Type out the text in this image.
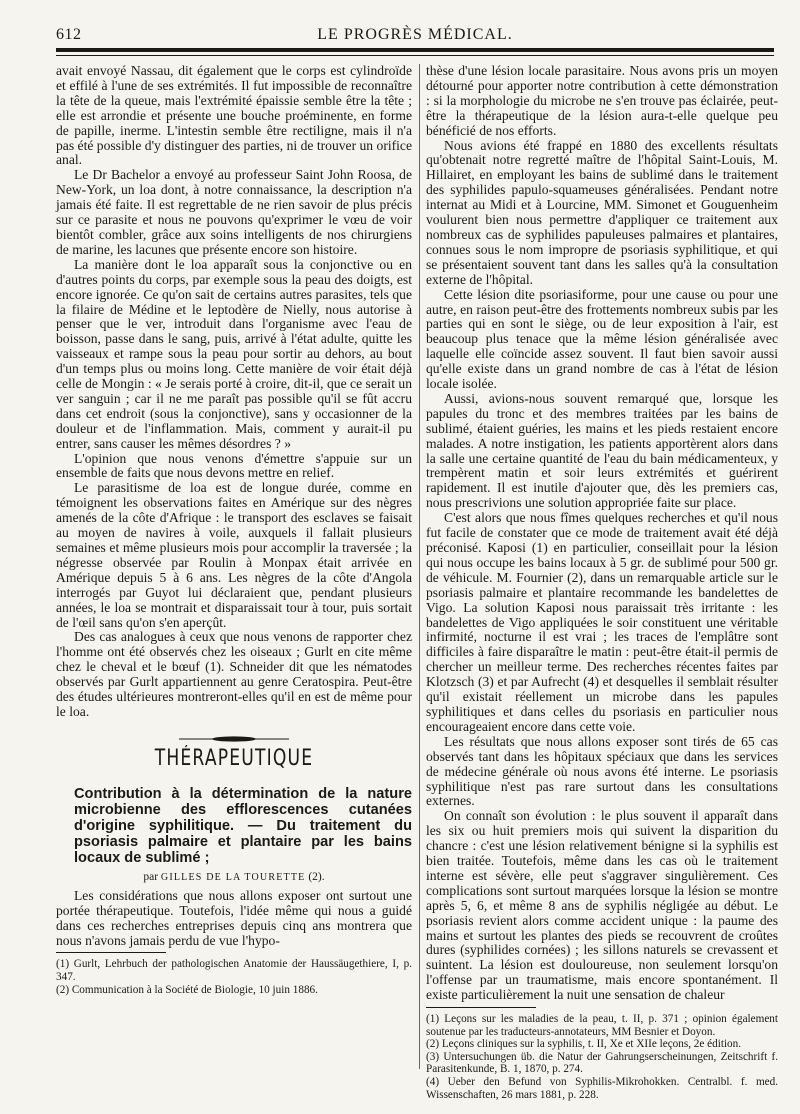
612	LE PROGRÈS MÉDICAL.

avait envoyé Nassau, dit également que le corps est cylindroïde et effilé à l'une de ses extrémités. Il fut impossible de reconnaître la tête de la queue, mais l'extrémité épaissie semble être la tête ; elle est arrondie et présente une bouche proéminente, en forme de papille, inerme. L'intestin semble être rectiligne, mais il n'a pas été possible d'y distinguer des parties, ni de trouver un orifice anal.

Le Dr Bachelor a envoyé au professeur Saint John Roosa, de New-York, un loa dont, à notre connaissance, la description n'a jamais été faite. Il est regrettable de ne rien savoir de plus précis sur ce parasite et nous ne pouvons qu'exprimer le vœu de voir bientôt combler, grâce aux soins intelligents de nos chirurgiens de marine, les lacunes que présente encore son histoire.

La manière dont le loa apparaît sous la conjonctive ou en d'autres points du corps, par exemple sous la peau des doigts, est encore ignorée. Ce qu'on sait de certains autres parasites, tels que la filaire de Médine et le leptodère de Nielly, nous autorise à penser que le ver, introduit dans l'organisme avec l'eau de boisson, passe dans le sang, puis, arrivé à l'état adulte, quitte les vaisseaux et rampe sous la peau pour sortir au dehors, au bout d'un temps plus ou moins long. Cette manière de voir était déjà celle de Mongin : « Je serais porté à croire, dit-il, que ce serait un ver sanguin ; car il ne me paraît pas possible qu'il se fût accru dans cet endroit (sous la conjonctive), sans y occasionner de la douleur et de l'inflammation. Mais, comment y aurait-il pu entrer, sans causer les mêmes désordres ? »

L'opinion que nous venons d'émettre s'appuie sur un ensemble de faits que nous devons mettre en relief.

Le parasitisme de loa est de longue durée, comme en témoignent les observations faites en Amérique sur des nègres amenés de la côte d'Afrique : le transport des esclaves se faisait au moyen de navires à voile, auxquels il fallait plusieurs semaines et même plusieurs mois pour accomplir la traversée ; la négresse observée par Roulin à Monpax était arrivée en Amérique depuis 5 à 6 ans. Les nègres de la côte d'Angola interrogés par Guyot lui déclaraient que, pendant plusieurs années, le loa se montrait et disparaissait tour à tour, puis sortait de l'œil sans qu'on s'en aperçût.

Des cas analogues à ceux que nous venons de rapporter chez l'homme ont été observés chez les oiseaux ; Gurlt en cite même chez le cheval et le bœuf (1). Schneider dit que les nématodes observés par Gurlt appartiennent au genre Ceratospira. Peut-être des études ultérieures montreront-elles qu'il en est de même pour le loa.

THÉRAPEUTIQUE
Contribution à la détermination de la nature microbienne des efflorescences cutanées d'origine syphilitique. — Du traitement du psoriasis palmaire et plantaire par les bains locaux de sublimé ;
par GILLES DE LA TOURETTE (2).

Les considérations que nous allons exposer ont surtout une portée thérapeutique. Toutefois, l'idée même qui nous a guidé dans ces recherches entreprises depuis cinq ans montrera que nous n'avons jamais perdu de vue l'hypo-

(1) Gurlt, Lehrbuch der pathologischen Anatomie der Haussäugethiere, I, p. 347.

(2) Communication à la Société de Biologie, 10 juin 1886.

thèse d'une lésion locale parasitaire. Nous avons pris un moyen détourné pour apporter notre contribution à cette démonstration : si la morphologie du microbe ne s'en trouve pas éclairée, peut-être la thérapeutique de la lésion aura-t-elle quelque peu bénéficié de nos efforts.

Nous avions été frappé en 1880 des excellents résultats qu'obtenait notre regretté maître de l'hôpital Saint-Louis, M. Hillairet, en employant les bains de sublimé dans le traitement des syphilides papulo-squameuses généralisées. Pendant notre internat au Midi et à Lourcine, MM. Simonet et Gouguenheim voulurent bien nous permettre d'appliquer ce traitement aux nombreux cas de syphilides papuleuses palmaires et plantaires, connues sous le nom impropre de psoriasis syphilitique, et qui se présentaient souvent tant dans les salles qu'à la consultation externe de l'hôpital.

Cette lésion dite psoriasiforme, pour une cause ou pour une autre, en raison peut-être des frottements nombreux subis par les parties qui en sont le siège, ou de leur exposition à l'air, est beaucoup plus tenace que la même lésion généralisée avec laquelle elle coïncide assez souvent. Il faut bien savoir aussi qu'elle existe dans un grand nombre de cas à l'état de lésion locale isolée.

Aussi, avions-nous souvent remarqué que, lorsque les papules du tronc et des membres traitées par les bains de sublimé, étaient guéries, les mains et les pieds restaient encore malades. A notre instigation, les patients apportèrent alors dans la salle une certaine quantité de l'eau du bain médicamenteux, y trempèrent matin et soir leurs extrémités et guérirent rapidement. Il est inutile d'ajouter que, dès les premiers cas, nous prescrivions une solution appropriée faite sur place.

C'est alors que nous fîmes quelques recherches et qu'il nous fut facile de constater que ce mode de traitement avait été déjà préconisé. Kaposi (1) en particulier, conseillait pour la lésion qui nous occupe les bains locaux à 5 gr. de sublimé pour 500 gr. de véhicule. M. Fournier (2), dans un remarquable article sur le psoriasis palmaire et plantaire recommande les bandelettes de Vigo. La solution Kaposi nous paraissait très irritante : les bandelettes de Vigo appliquées le soir constituent une véritable infirmité, nocturne il est vrai ; les traces de l'emplâtre sont difficiles à faire disparaître le matin : peut-être était-il permis de chercher un meilleur terme. Des recherches récentes faites par Klotzsch (3) et par Aufrecht (4) et desquelles il semblait résulter qu'il existait réellement un microbe dans les papules syphilitiques et dans celles du psoriasis en particulier nous encourageaient encore dans cette voie.

Les résultats que nous allons exposer sont tirés de 65 cas observés tant dans les hôpitaux spéciaux que dans les services de médecine générale où nous avons été interne. Le psoriasis syphilitique n'est pas rare surtout dans les consultations externes.

On connaît son évolution : le plus souvent il apparaît dans les six ou huit premiers mois qui suivent la disparition du chancre : c'est une lésion relativement bénigne si la syphilis est bien traitée. Toutefois, même dans les cas où le traitement interne est sévère, elle peut s'aggraver singulièrement. Ces complications sont surtout marquées lorsque la lésion se montre après 5, 6, et même 8 ans de syphilis négligée au début. Le psoriasis revient alors comme accident unique : la paume des mains et surtout les plantes des pieds se recouvrent de croûtes dures (syphilides cornées) ; les sillons naturels se crevassent et suintent. La lésion est douloureuse, non seulement lorsqu'on l'offense par un traumatisme, mais encore spontanément. Il existe particulièrement la nuit une sensation de chaleur

(1) Leçons sur les maladies de la peau, t. II, p. 371 ; opinion également soutenue par les traducteurs-annotateurs, MM Besnier et Doyon.

(2) Leçons cliniques sur la syphilis, t. II, Xe et XIIe leçons, 2e édition.

(3) Untersuchungen üb. die Natur der Gahrungserscheinungen, Zeitschrift f. Parasitenkunde, B. 1, 1870, p. 274.

(4) Ueber den Befund von Syphilis-Mikrohokken. Centralbl. f. med. Wissenschaften, 26 mars 1881, p. 228.
